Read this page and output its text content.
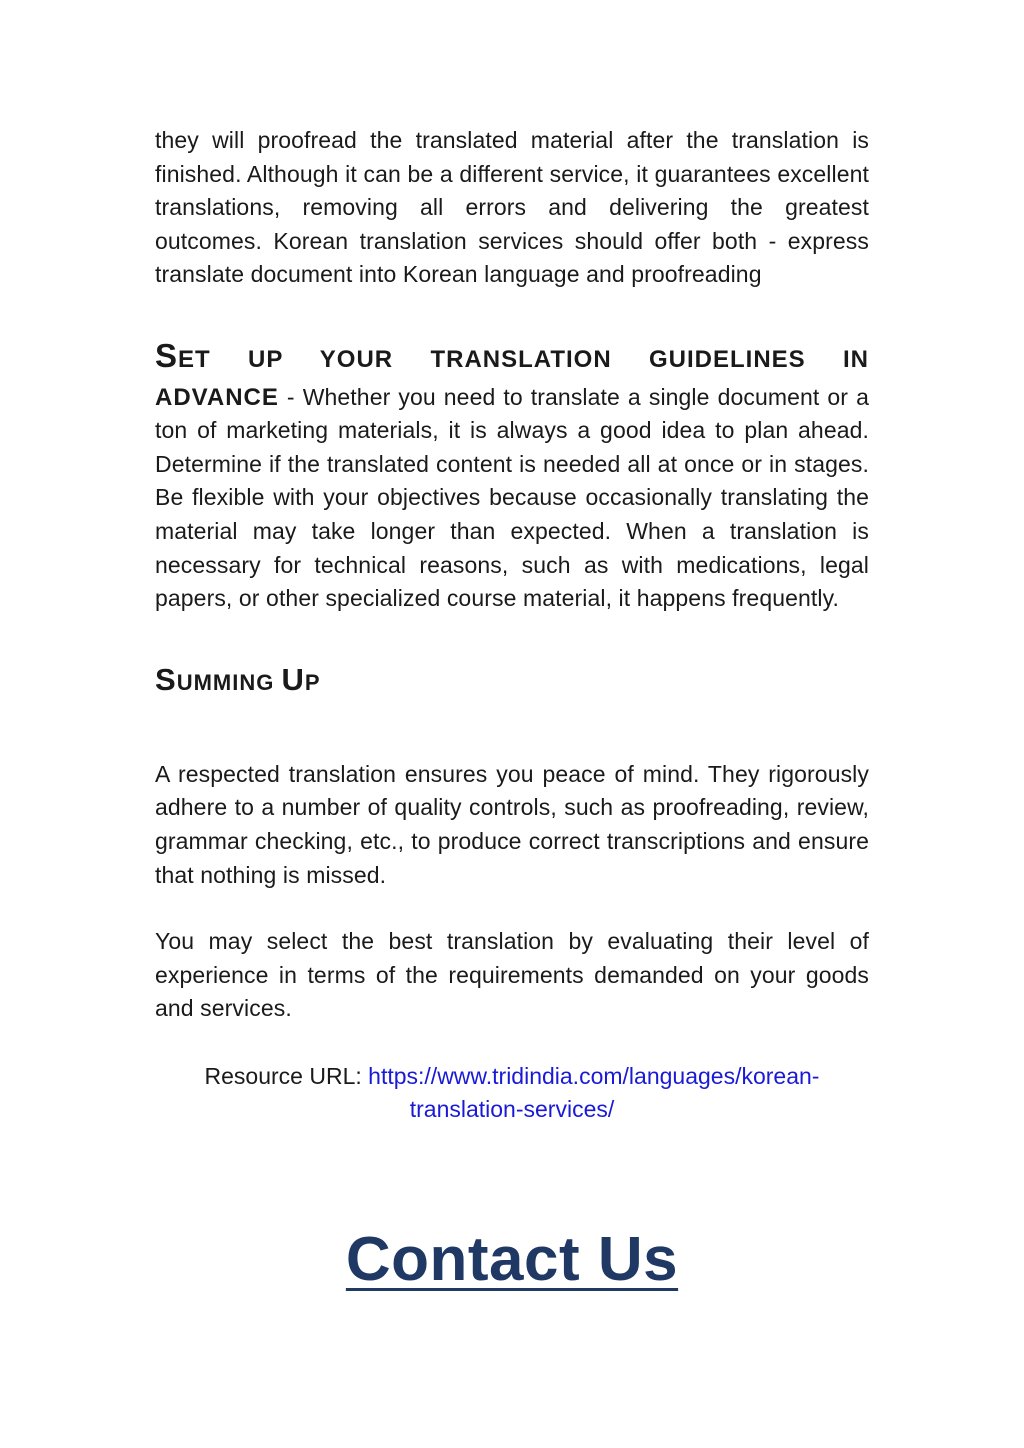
they will proofread the translated material after the translation is finished. Although it can be a different service, it guarantees excellent translations, removing all errors and delivering the greatest outcomes. Korean translation services should offer both - express translate document into Korean language and proofreading

SET UP YOUR TRANSLATION GUIDELINES IN

ADVANCE - Whether you need to translate a single document or a ton of marketing materials, it is always a good idea to plan ahead. Determine if the translated content is needed all at once or in stages. Be flexible with your objectives because occasionally translating the material may take longer than expected. When a translation is necessary for technical reasons, such as with medications, legal papers, or other specialized course material, it happens frequently.

SUMMING UP

A respected translation ensures you peace of mind. They rigorously adhere to a number of quality controls, such as proofreading, review, grammar checking, etc., to produce correct transcriptions and ensure that nothing is missed.

You may select the best translation by evaluating their level of experience in terms of the requirements demanded on your goods and services.

Resource URL: https://www.tridindia.com/languages/korean-translation-services/
Contact Us
